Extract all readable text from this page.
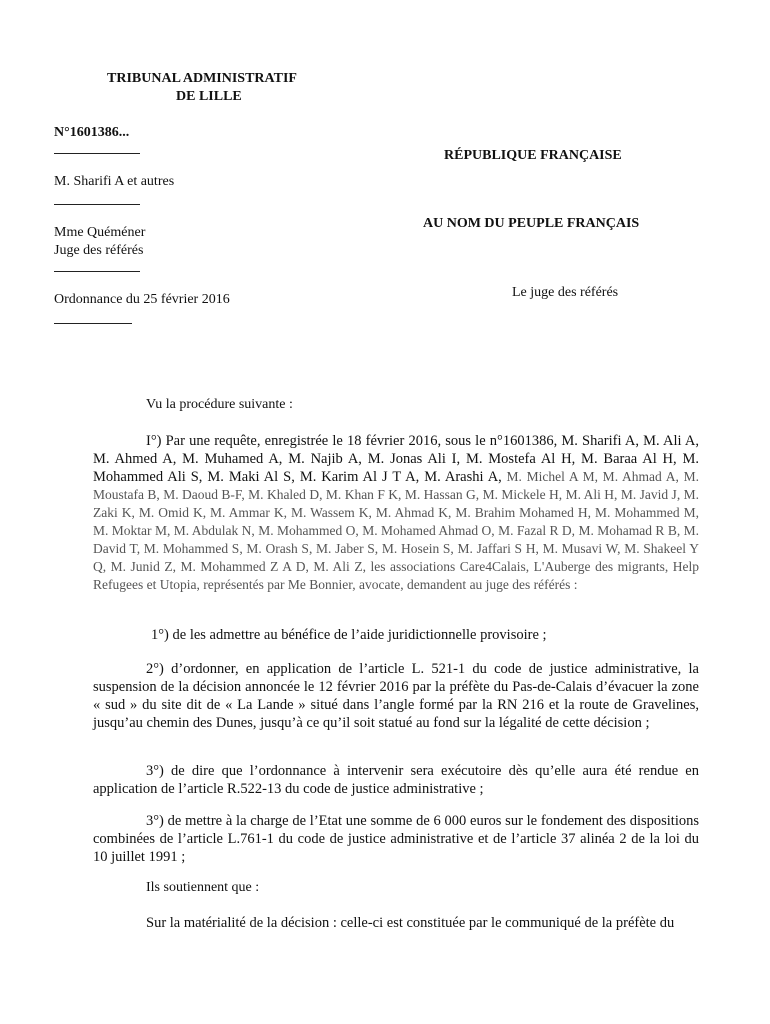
TRIBUNAL ADMINISTRATIF
DE LILLE
N°1601386...
M. Sharifi A et autres
Mme Quéméner
Juge des référés
Ordonnance du 25 février 2016
RÉPUBLIQUE FRANÇAISE
AU NOM DU PEUPLE FRANÇAIS
Le juge des référés
Vu la procédure suivante :

I°) Par une requête, enregistrée le 18 février 2016, sous le n°1601386, M. Sharifi A, M. Ali A, M. Ahmed A, M. Muhamed A, M. Najib A, M. Jonas Ali I, M. Mostefa Al H, M. Baraa Al H, M. Mohammed Ali S, M. Maki Al S, M. Karim Al J T A, M. Arashi A, M. Michel A M, M. Ahmad A, M. Moustafa B, M. Daoud B-F, M. Khaled D, M. Khan F K, M. Hassan G, M. Mickele H, M. Ali H, M. Javid J, M. Zaki K, M. Omid K, M. Ammar K, M. Wassem K, M. Ahmad K, M. Brahim Mohamed H, M. Mohammed M, M. Moktar M, M. Abdulak N, M. Mohammed O, M. Mohamed Ahmad O, M. Fazal R D, M. Mohamad R B, M. David T, M. Mohammed S, M. Orash S, M. Jaber S, M. Hosein S, M. Jaffari S H, M. Musavi W, M. Shakeel Y Q, M. Junid Z, M. Mohammed Z A D, M. Ali Z, les associations Care4Calais, L'Auberge des migrants, Help Refugees et Utopia, représentés par Me Bonnier, avocate, demandent au juge des référés :

1°) de les admettre au bénéfice de l’aide juridictionnelle provisoire ;

2°) d’ordonner, en application de l’article L. 521-1 du code de justice administrative, la suspension de la décision annoncée le 12 février 2016 par la préfète du Pas-de-Calais d’évacuer la zone « sud » du site dit de « La Lande » situé dans l’angle formé par la RN 216 et la route de Gravelines, jusqu’au chemin des Dunes, jusqu’à ce qu’il soit statué au fond sur la légalité de cette décision ;

3°) de dire que l’ordonnance à intervenir sera exécutoire dès qu’elle aura été rendue en application de l’article R.522-13 du code de justice administrative ;

3°) de mettre à la charge de l’Etat une somme de 6 000 euros sur le fondement des dispositions combinées de l’article L.761-1 du code de justice administrative et de l’article 37 alinéa 2 de la loi du 10 juillet 1991 ;

Ils soutiennent que :

Sur la matérialité de la décision : celle-ci est constituée par le communiqué de la préfète du
